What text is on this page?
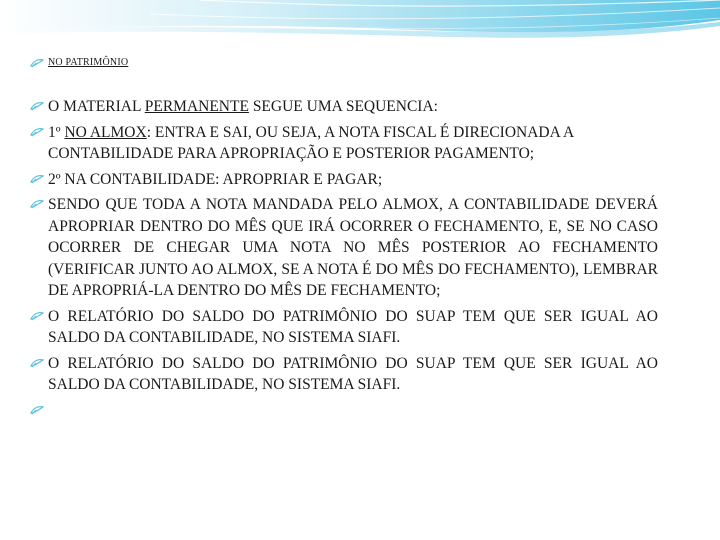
NO PATRIMÔNIO
O MATERIAL PERMANENTE SEGUE UMA SEQUENCIA:
1º NO ALMOX: ENTRA E SAI, OU SEJA, A NOTA FISCAL É DIRECIONADA A CONTABILIDADE PARA APROPRIAÇÃO E POSTERIOR PAGAMENTO;
2º NA CONTABILIDADE: APROPRIAR E PAGAR;
SENDO QUE TODA A NOTA MANDADA PELO ALMOX, A CONTABILIDADE DEVERÁ APROPRIAR DENTRO DO MÊS QUE IRÁ OCORRER O FECHAMENTO, E, SE NO CASO OCORRER DE CHEGAR UMA NOTA NO MÊS POSTERIOR AO FECHAMENTO (VERIFICAR JUNTO AO ALMOX, SE A NOTA É DO MÊS DO FECHAMENTO), LEMBRAR DE APROPRIÁ-LA DENTRO DO MÊS DE FECHAMENTO;
O RELATÓRIO DO SALDO DO PATRIMÔNIO DO SUAP TEM QUE SER IGUAL AO SALDO DA CONTABILIDADE, NO SISTEMA SIAFI.
O RELATÓRIO DO SALDO DO PATRIMÔNIO DO SUAP TEM QUE SER IGUAL AO SALDO DA CONTABILIDADE, NO SISTEMA SIAFI.
